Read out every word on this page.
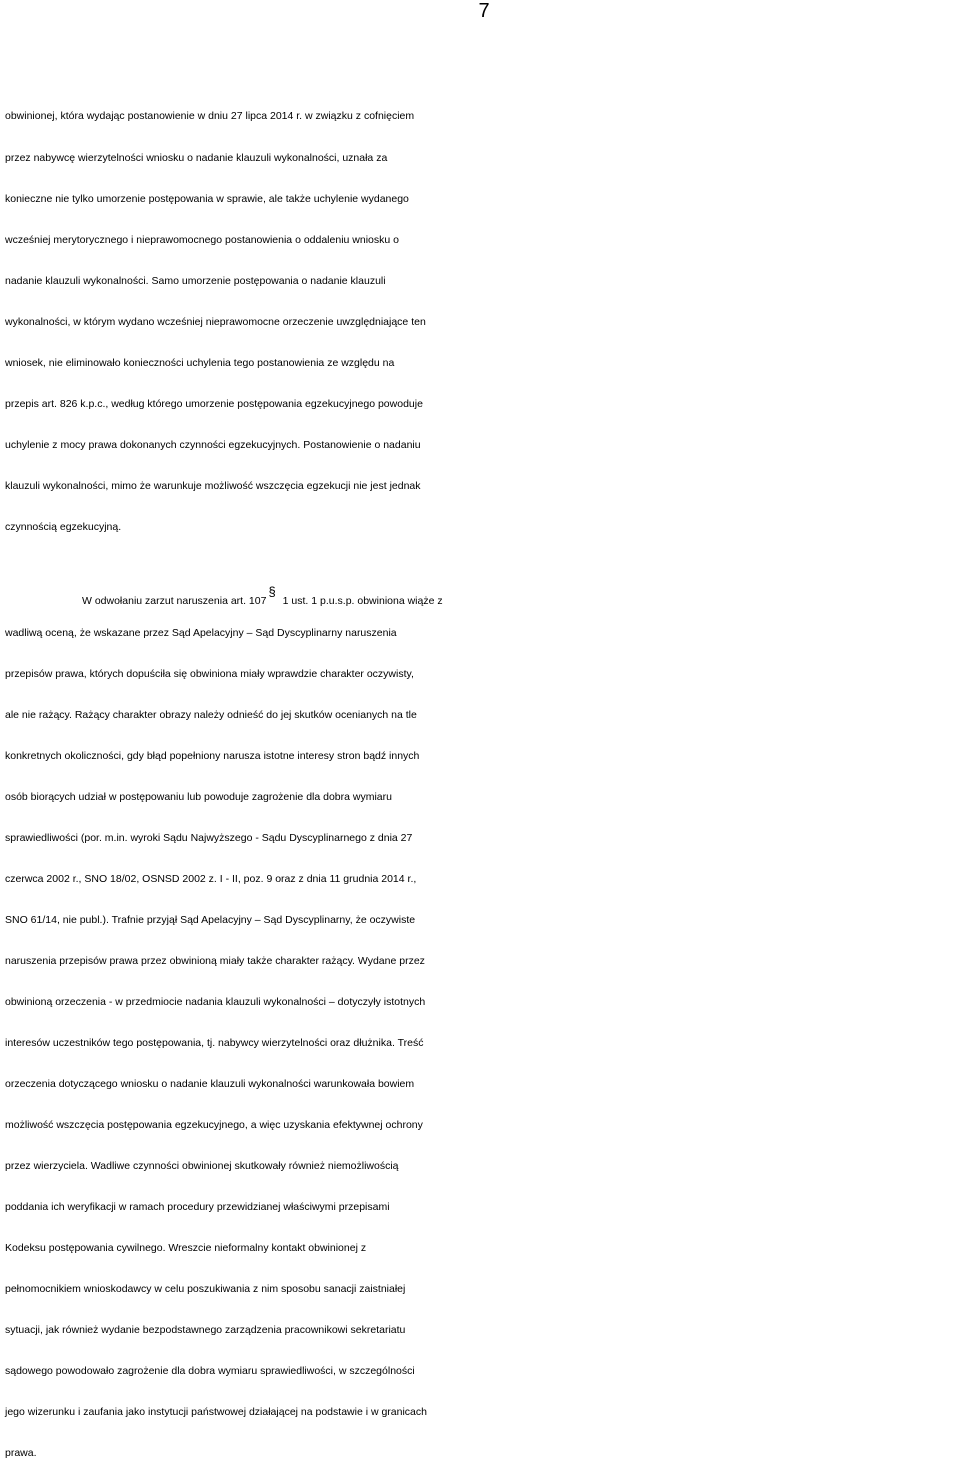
7

obwinionej, która wydając postanowienie w dniu 27 lipca 2014 r. w związku z cofnięciem

przez nabywcę wierzytelności wniosku o nadanie klauzuli wykonalności, uznała za

konieczne nie tylko umorzenie postępowania w sprawie, ale także uchylenie wydanego

wcześniej merytorycznego i nieprawomocnego postanowienia o oddaleniu wniosku o

nadanie klauzuli wykonalności. Samo umorzenie postępowania o nadanie klauzuli

wykonalności, w którym wydano wcześniej nieprawomocne orzeczenie uwzględniające ten

wniosek, nie eliminowało konieczności uchylenia tego postanowienia ze względu na

przepis art. 826 k.p.c., według którego umorzenie postępowania egzekucyjnego powoduje

uchylenie z mocy prawa dokonanych czynności egzekucyjnych. Postanowienie o nadaniu

klauzuli wykonalności, mimo że warunkuje możliwość wszczęcia egzekucji nie jest jednak

czynnością egzekucyjną.

W odwołaniu zarzut naruszenia art. 107§1 ust. 1 p.u.s.p. obwiniona wiąże z

wadliwą oceną, że wskazane przez Sąd Apelacyjny – Sąd Dyscyplinarny naruszenia

przepisów prawa, których dopuściła się obwiniona miały wprawdzie charakter oczywisty,

ale nie rażący. Rażący charakter obrazy należy odnieść do jej skutków ocenianych na tle

konkretnych okoliczności, gdy błąd popełniony narusza istotne interesy stron bądź innych

osób biorących udział w postępowaniu lub powoduje zagrożenie dla dobra wymiaru

sprawiedliwości (por. m.in. wyroki Sądu Najwyższego - Sądu Dyscyplinarnego z dnia 27

czerwca 2002 r., SNO 18/02, OSNSD 2002 z. I - II, poz. 9 oraz z dnia 11 grudnia 2014 r.,

SNO 61/14, nie publ.). Trafnie przyjął Sąd Apelacyjny – Sąd Dyscyplinarny, że oczywiste

naruszenia przepisów prawa przez obwinioną miały także charakter rażący. Wydane przez

obwinioną orzeczenia - w przedmiocie nadania klauzuli wykonalności – dotyczyły istotnych

interesów uczestników tego postępowania, tj. nabywcy wierzytelności oraz dłużnika. Treść

orzeczenia dotyczącego wniosku o nadanie klauzuli wykonalności warunkowała bowiem

możliwość wszczęcia postępowania egzekucyjnego, a więc uzyskania efektywnej ochrony

przez wierzyciela. Wadliwe czynności obwinionej skutkowały również niemożliwością

poddania ich weryfikacji w ramach procedury przewidzianej właściwymi przepisami

Kodeksu postępowania cywilnego. Wreszcie nieformalny kontakt obwinionej z

pełnomocnikiem wnioskodawcy w celu poszukiwania z nim sposobu sanacji zaistniałej

sytuacji, jak również wydanie bezpodstawnego zarządzenia pracownikowi sekretariatu

sądowego powodowało zagrożenie dla dobra wymiaru sprawiedliwości, w szczególności

jego wizerunku i zaufania jako instytucji państwowej działającej na podstawie i w granicach

prawa.
